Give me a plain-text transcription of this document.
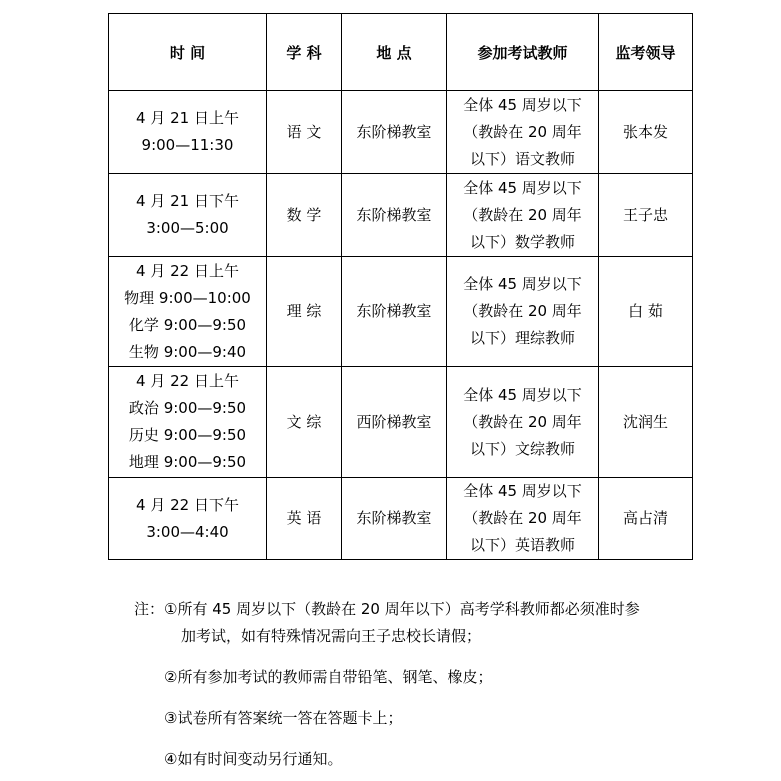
时 间	学 科	地 点	参加考试教师	监考领导

4 月 21 日上午
9:00—11:30	语 文	东阶梯教室	全体 45 周岁以下
（教龄在 20 周年
以下）语文教师	张本发

4 月 21 日下午
3:00—5:00	数 学	东阶梯教室	全体 45 周岁以下
（教龄在 20 周年
以下）数学教师	王子忠

4 月 22 日上午
物理 9:00—10:00
化学 9:00—9:50
生物 9:00—9:40	理 综	东阶梯教室	全体 45 周岁以下
（教龄在 20 周年
以下）理综教师	白 茹

4 月 22 日上午
政治 9:00—9:50
历史 9:00—9:50
地理 9:00—9:50	文 综	西阶梯教室	全体 45 周岁以下
（教龄在 20 周年
以下）文综教师	沈润生

4 月 22 日下午
3:00—4:40	英 语	东阶梯教室	全体 45 周岁以下
（教龄在 20 周年
以下）英语教师	高占清
注： ①所有 45 周岁以下（教龄在 20 周年以下）高考学科教师都必须准时参
加考试，如有特殊情况需向王子忠校长请假；
②所有参加考试的教师需自带铅笔、钢笔、橡皮；
③试卷所有答案统一答在答题卡上；
④如有时间变动另行通知。
